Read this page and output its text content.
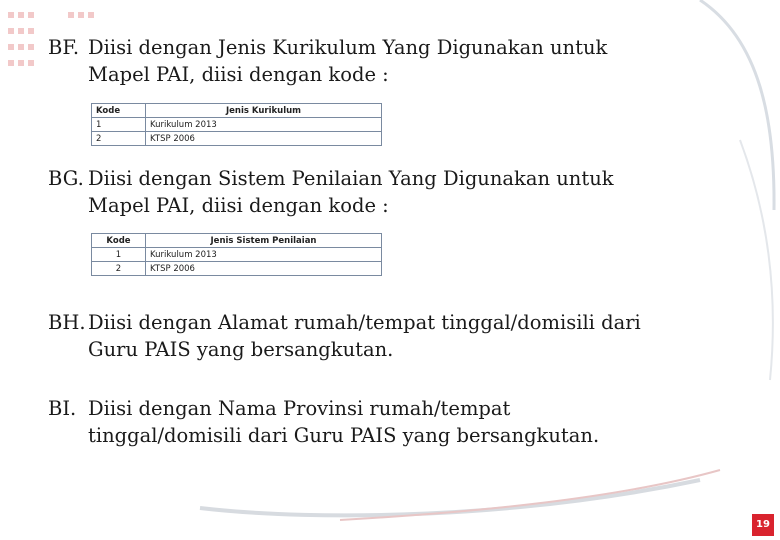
BF. Diisi dengan Jenis Kurikulum Yang Digunakan untuk
Mapel PAI, diisi dengan kode :
Kode	Jenis Kurikulum
1	Kurikulum 2013
2	KTSP 2006
BG. Diisi dengan Sistem Penilaian Yang Digunakan untuk
Mapel PAI, diisi dengan kode :
Kode	Jenis Sistem Penilaian
1	Kurikulum 2013
2	KTSP 2006
BH. Diisi dengan Alamat rumah/tempat tinggal/domisili dari
Guru PAIS yang bersangkutan.
BI. Diisi dengan Nama Provinsi rumah/tempat
tinggal/domisili dari Guru PAIS yang bersangkutan.
19
